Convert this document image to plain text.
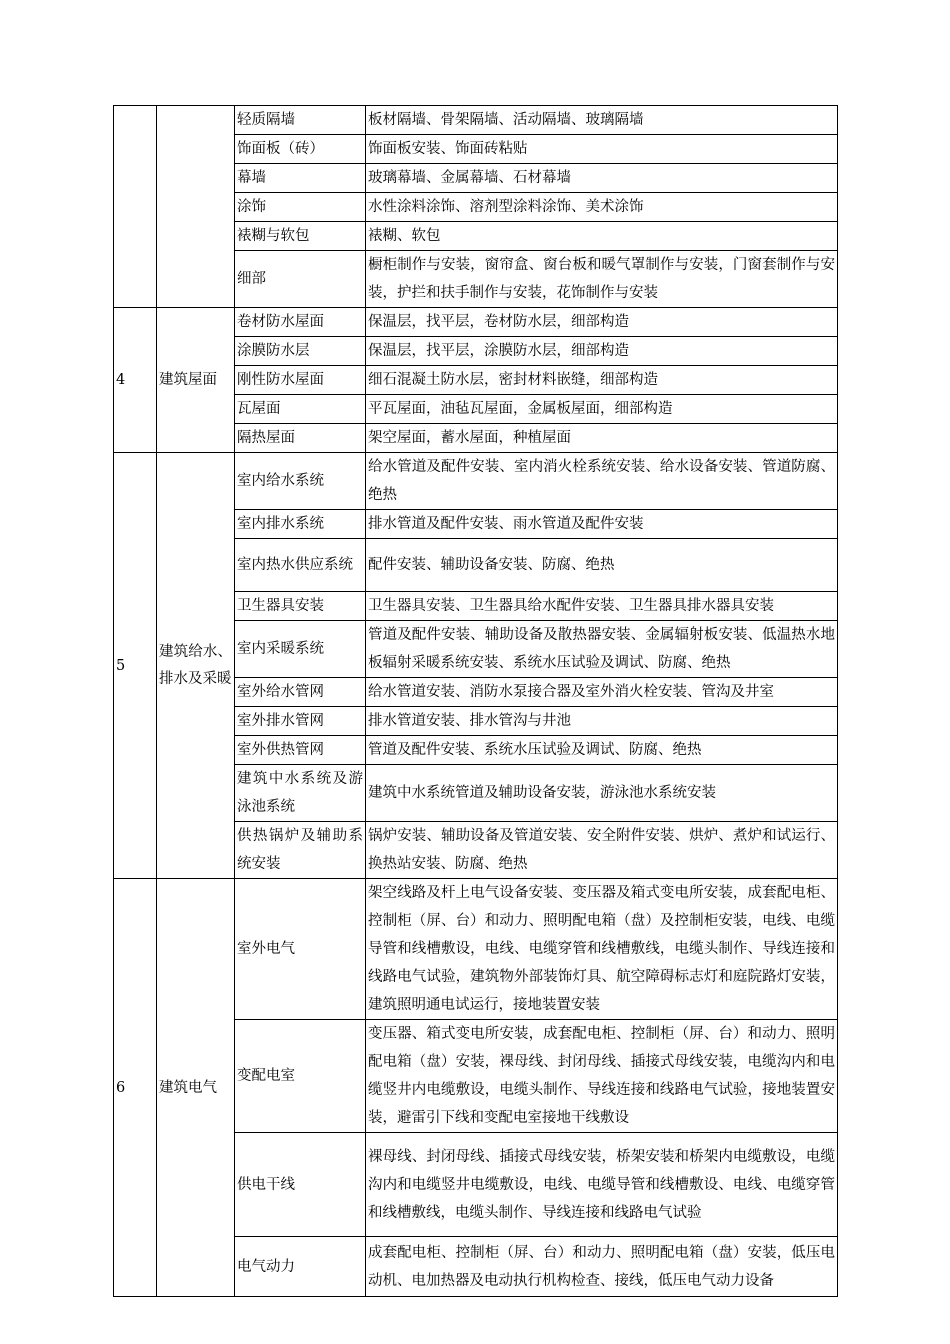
		轻质隔墙	板材隔墙、骨架隔墙、活动隔墙、玻璃隔墙
		饰面板（砖）	饰面板安装、饰面砖粘贴
		幕墙	玻璃幕墙、金属幕墙、石材幕墙
		涂饰	水性涂料涂饰、溶剂型涂料涂饰、美术涂饰
		裱糊与软包	裱糊、软包
		细部	橱柜制作与安装，窗帘盒、窗台板和暖气罩制作与安装，门窗套制作与安装，护拦和扶手制作与安装，花饰制作与安装
4	建筑屋面	卷材防水屋面	保温层，找平层，卷材防水层，细部构造
		涂膜防水层	保温层，找平层，涂膜防水层，细部构造
		刚性防水屋面	细石混凝土防水层，密封材料嵌缝，细部构造
		瓦屋面	平瓦屋面，油毡瓦屋面，金属板屋面，细部构造
		隔热屋面	架空屋面，蓄水屋面，种植屋面
5	建筑给水、排水及采暖	室内给水系统	给水管道及配件安装、室内消火栓系统安装、给水设备安装、管道防腐、绝热
		室内排水系统	排水管道及配件安装、雨水管道及配件安装
		室内热水供应系统	配件安装、辅助设备安装、防腐、绝热
		卫生器具安装	卫生器具安装、卫生器具给水配件安装、卫生器具排水器具安装
		室内采暖系统	管道及配件安装、辅助设备及散热器安装、金属辐射板安装、低温热水地板辐射采暖系统安装、系统水压试验及调试、防腐、绝热
		室外给水管网	给水管道安装、消防水泵接合器及室外消火栓安装、管沟及井室
		室外排水管网	排水管道安装、排水管沟与井池
		室外供热管网	管道及配件安装、系统水压试验及调试、防腐、绝热
		建筑中水系统及游泳池系统	建筑中水系统管道及辅助设备安装，游泳池水系统安装
		供热锅炉及辅助系统安装	锅炉安装、辅助设备及管道安装、安全附件安装、烘炉、煮炉和试运行、换热站安装、防腐、绝热
6	建筑电气	室外电气	架空线路及杆上电气设备安装、变压器及箱式变电所安装，成套配电柜、控制柜（屏、台）和动力、照明配电箱（盘）及控制柜安装，电线、电缆导管和线槽敷设，电线、电缆穿管和线槽敷线，电缆头制作、导线连接和线路电气试验，建筑物外部装饰灯具、航空障碍标志灯和庭院路灯安装，建筑照明通电试运行，接地装置安装
		变配电室	变压器、箱式变电所安装，成套配电柜、控制柜（屏、台）和动力、照明配电箱（盘）安装，裸母线、封闭母线、插接式母线安装，电缆沟内和电缆竖井内电缆敷设，电缆头制作、导线连接和线路电气试验，接地装置安装，避雷引下线和变配电室接地干线敷设
		供电干线	裸母线、封闭母线、插接式母线安装，桥架安装和桥架内电缆敷设，电缆沟内和电缆竖井电缆敷设，电线、电缆导管和线槽敷设、电线、电缆穿管和线槽敷线，电缆头制作、导线连接和线路电气试验
		电气动力	成套配电柜、控制柜（屏、台）和动力、照明配电箱（盘）安装，低压电动机、电加热器及电动执行机构检查、接线，低压电气动力设备
